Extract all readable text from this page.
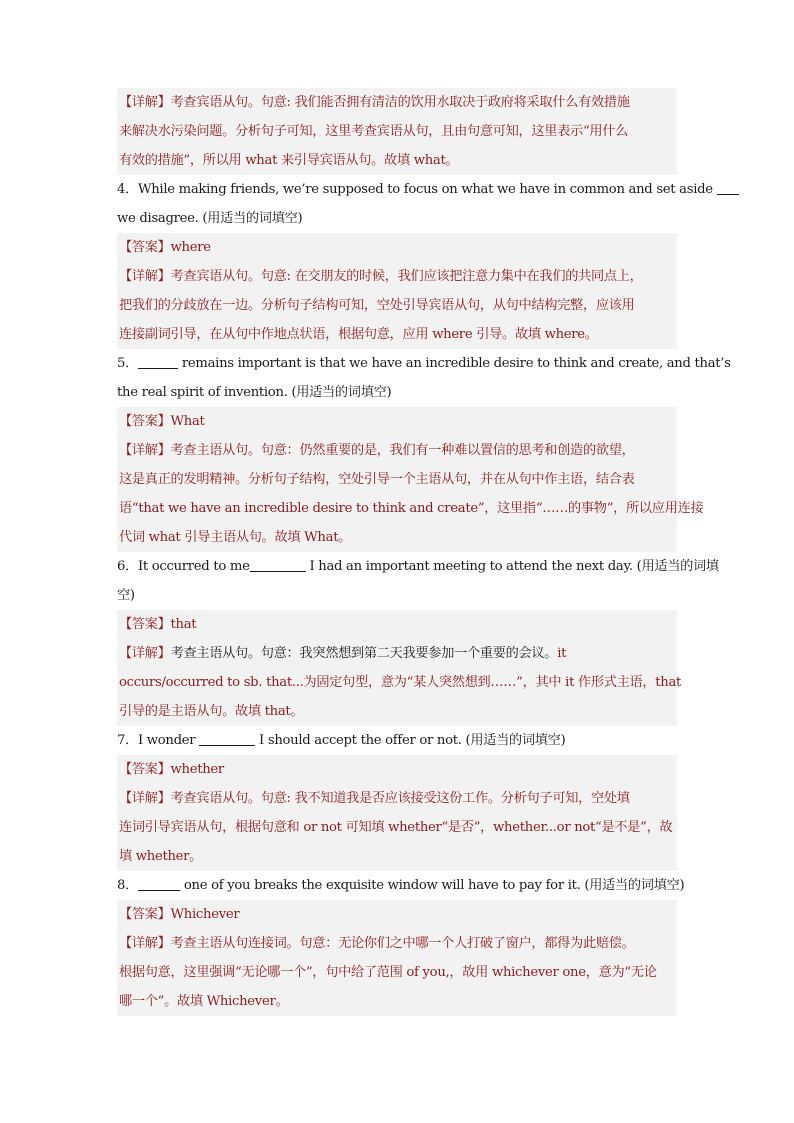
【详解】考查宾语从句。句意: 我们能否拥有清洁的饮用水取决于政府将采取什么有效措施
来解决水污染问题。分析句子可知，这里考查宾语从句，且由句意可知，这里表示“用什么
有效的措施”，所以用 what 来引导宾语从句。故填 what。
4．While making friends, we’re supposed to focus on what we have in common and set aside
we disagree. (用适当的词填空)
【答案】where
【详解】考查宾语从句。句意: 在交朋友的时候，我们应该把注意力集中在我们的共同点上，
把我们的分歧放在一边。分析句子结构可知，空处引导宾语从句，从句中结构完整，应该用
连接副词引导，在从句中作地点状语，根据句意，应用 where 引导。故填 where。
5．	remains important is that we have an incredible desire to think and create, and that’s
the real spirit of invention. (用适当的词填空)
【答案】What
【详解】考查主语从句。句意：仍然重要的是，我们有一种难以置信的思考和创造的欲望，
这是真正的发明精神。分析句子结构，空处引导一个主语从句，并在从句中作主语，结合表
语“that we have an incredible desire to think and create”，这里指“……的事物”，所以应用连接
代词 what 引导主语从句。故填 What。
6．It occurred to me	I had an important meeting to attend the next day. (用适当的词填
空)
【答案】that
【详解】考查主语从句。句意：我突然想到第二天我要参加一个重要的会议。it
occurs/occurred to sb. that...为固定句型，意为“某人突然想到……”，其中 it 作形式主语，that
引导的是主语从句。故填 that。
7．I wonder	I should accept the offer or not. (用适当的词填空)
【答案】whether
【详解】考查宾语从句。句意: 我不知道我是否应该接受这份工作。分析句子可知，空处填
连词引导宾语从句，根据句意和 or not 可知填 whether“是否”，whether...or not“是不是”，故
填 whether。
8．	one of you breaks the exquisite window will have to pay for it. (用适当的词填空)
【答案】Whichever
【详解】考查主语从句连接词。句意：无论你们之中哪一个人打破了窗户，都得为此赔偿。
根据句意，这里强调“无论哪一个”，句中给了范围 of you,，故用 whichever one，意为“无论
哪一个”。故填 Whichever。
